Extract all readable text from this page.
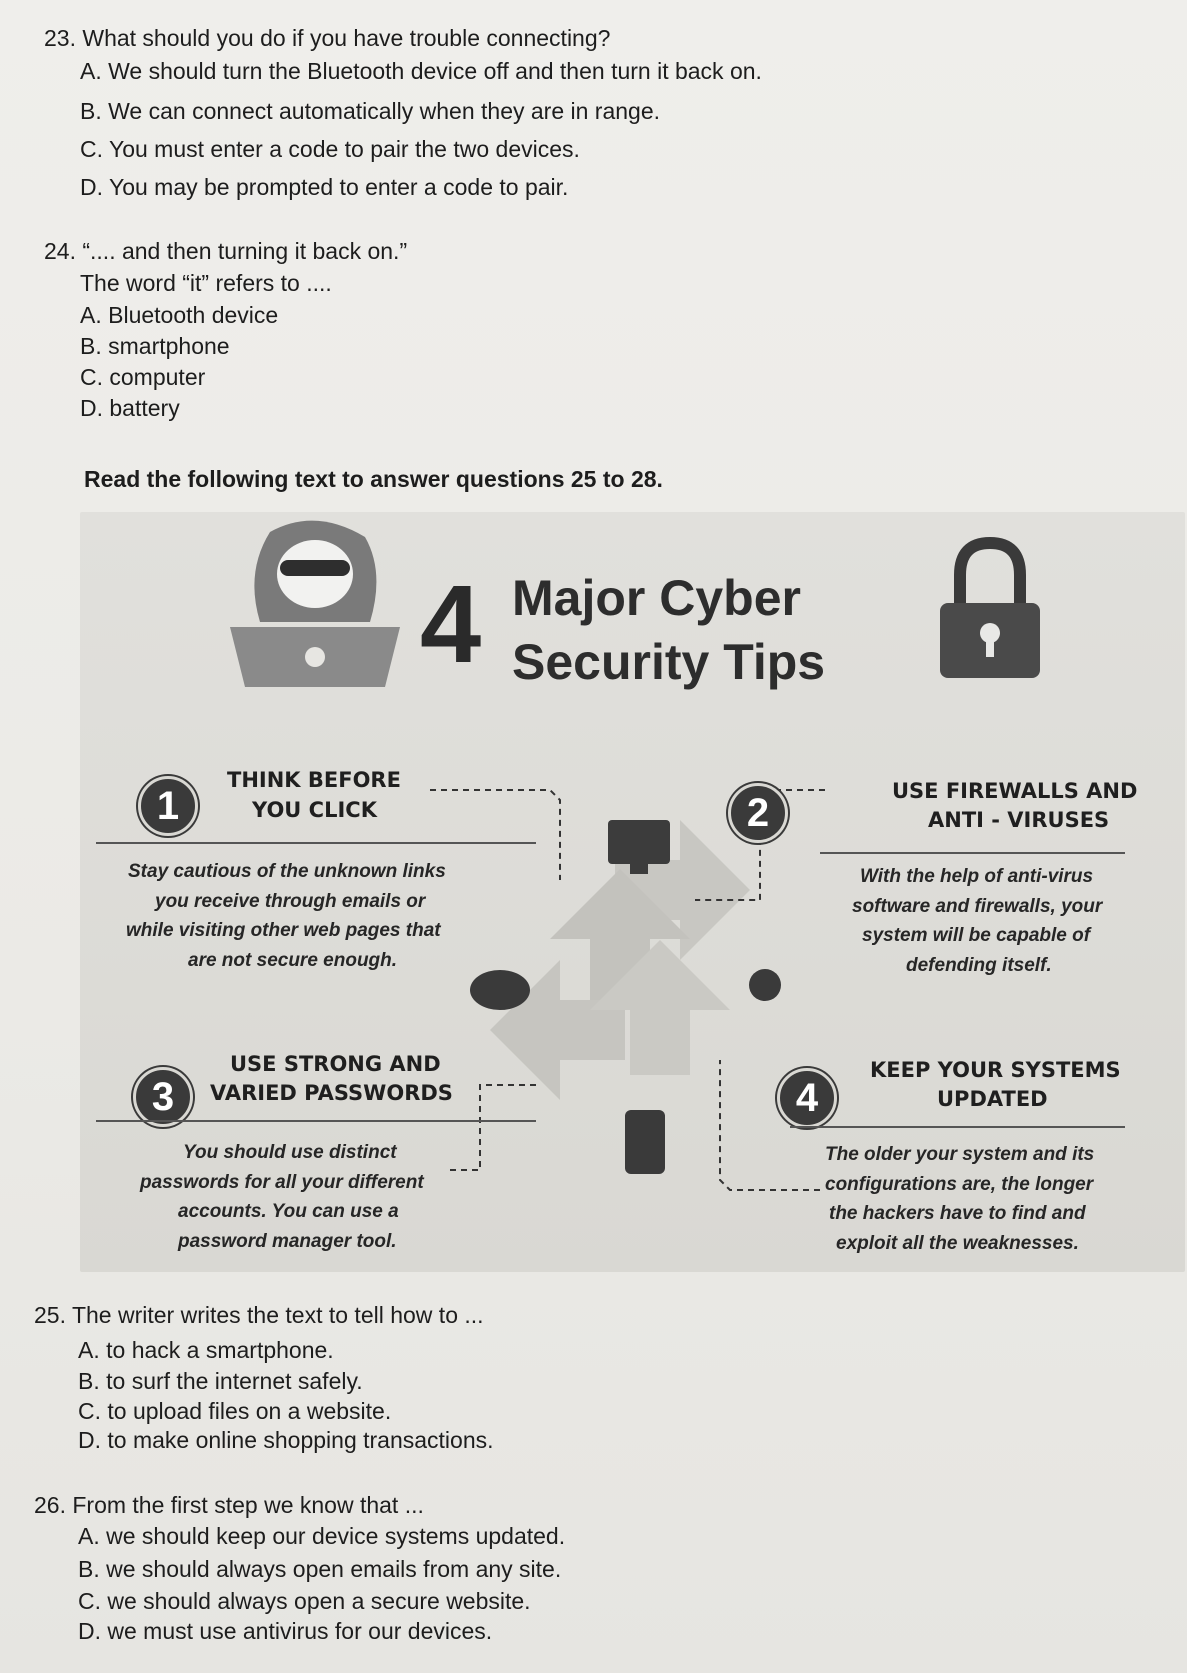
23. What should you do if you have trouble connecting?
A. We should turn the Bluetooth device off and then turn it back on.
B. We can connect automatically when they are in range.
C. You must enter a code to pair the two devices.
D. You may be prompted to enter a code to pair.
24. “.... and then turning it back on.”
The word “it” refers to ....
A. Bluetooth device
B. smartphone
C. computer
D. battery
Read the following text to answer questions 25 to 28.
4 Major Cyber
Security Tips
1
THINK BEFORE
YOU CLICK
Stay cautious of the unknown links
you receive through emails or
while visiting other web pages that
are not secure enough.
2	USE FIREWALLS AND
ANTI - VIRUSES
With the help of anti-virus
software and firewalls, your
system will be capable of
defending itself.
3
USE STRONG AND
VARIED PASSWORDS
You should use distinct
passwords for all your different
accounts. You can use a
password manager tool.
4
KEEP YOUR SYSTEMS
UPDATED
The older your system and its
configurations are, the longer
the hackers have to find and
exploit all the weaknesses.
25. The writer writes the text to tell how to ...
A. to hack a smartphone.
B. to surf the internet safely.
C. to upload files on a website.
D. to make online shopping transactions.
26. From the first step we know that ...
A. we should keep our device systems updated.
B. we should always open emails from any site.
C. we should always open a secure website.
D. we must use antivirus for our devices.
